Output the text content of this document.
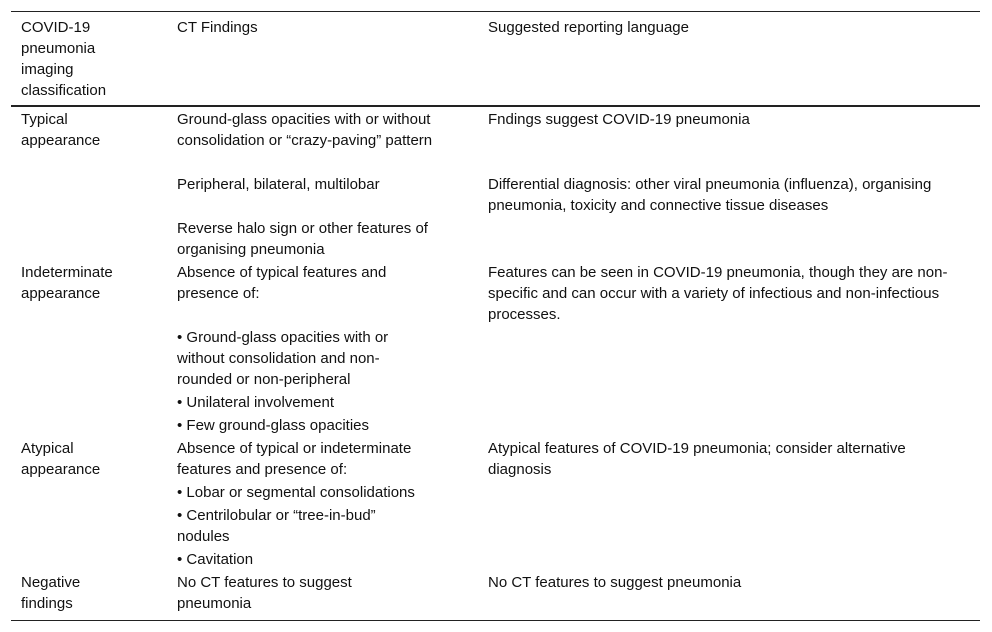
COVID-19 pneumonia imaging classification
CT Findings	Suggested reporting language
Typical appearance
Ground-glass opacities with or without consolidation or “crazy-paving” pattern
Peripheral, bilateral, multilobar
Reverse halo sign or other features of organising pneumonia
Fndings suggest COVID-19 pneumonia
Differential diagnosis: other viral pneumonia (influenza), organising pneumonia, toxicity and connective tissue diseases
Indeterminate appearance
Absence of typical features and presence of:
• Ground-glass opacities with or without consolidation and non-rounded or non-peripheral
• Unilateral involvement
• Few ground-glass opacities
Features can be seen in COVID-19 pneumonia, though they are non-specific and can occur with a variety of infectious and non-infectious processes.
Atypical appearance
Absence of typical or indeterminate features and presence of:
• Lobar or segmental consolidations
• Centrilobular or “tree-in-bud” nodules
• Cavitation
Atypical features of COVID-19 pneumonia; consider alternative diagnosis
Negative findings
No CT features to suggest pneumonia
No CT features to suggest pneumonia
